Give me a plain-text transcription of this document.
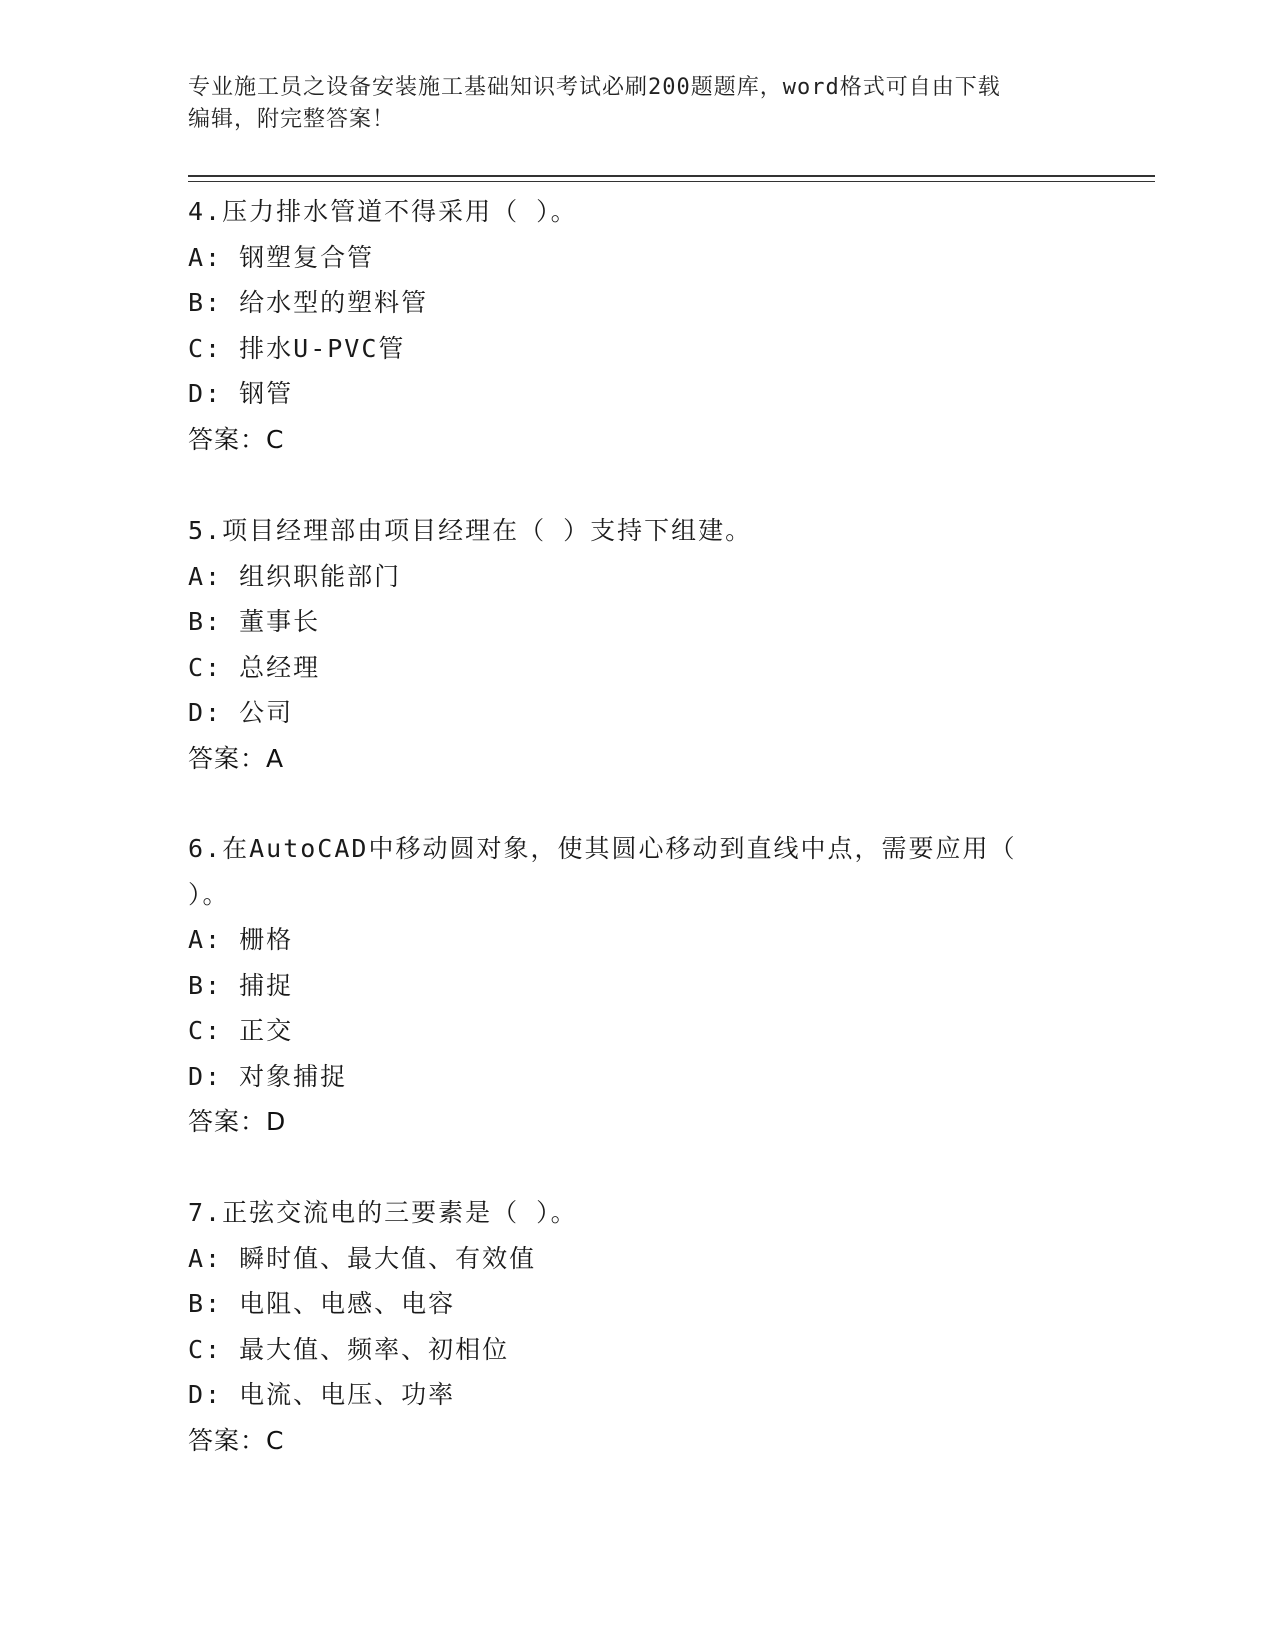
专业施工员之设备安装施工基础知识考试必刷200题题库，word格式可自由下载
编辑，附完整答案！
4.压力排水管道不得采用（ ）。
A: 钢塑复合管
B: 给水型的塑料管
C: 排水U-PVC管
D: 钢管
答案：C
5.项目经理部由项目经理在（ ）支持下组建。
A: 组织职能部门
B: 董事长
C: 总经理
D: 公司
答案：A
6.在AutoCAD中移动圆对象，使其圆心移动到直线中点，需要应用（
）。
A: 栅格
B: 捕捉
C: 正交
D: 对象捕捉
答案：D
7.正弦交流电的三要素是（ ）。
A: 瞬时值、最大值、有效值
B: 电阻、电感、电容
C: 最大值、频率、初相位
D: 电流、电压、功率
答案：C
